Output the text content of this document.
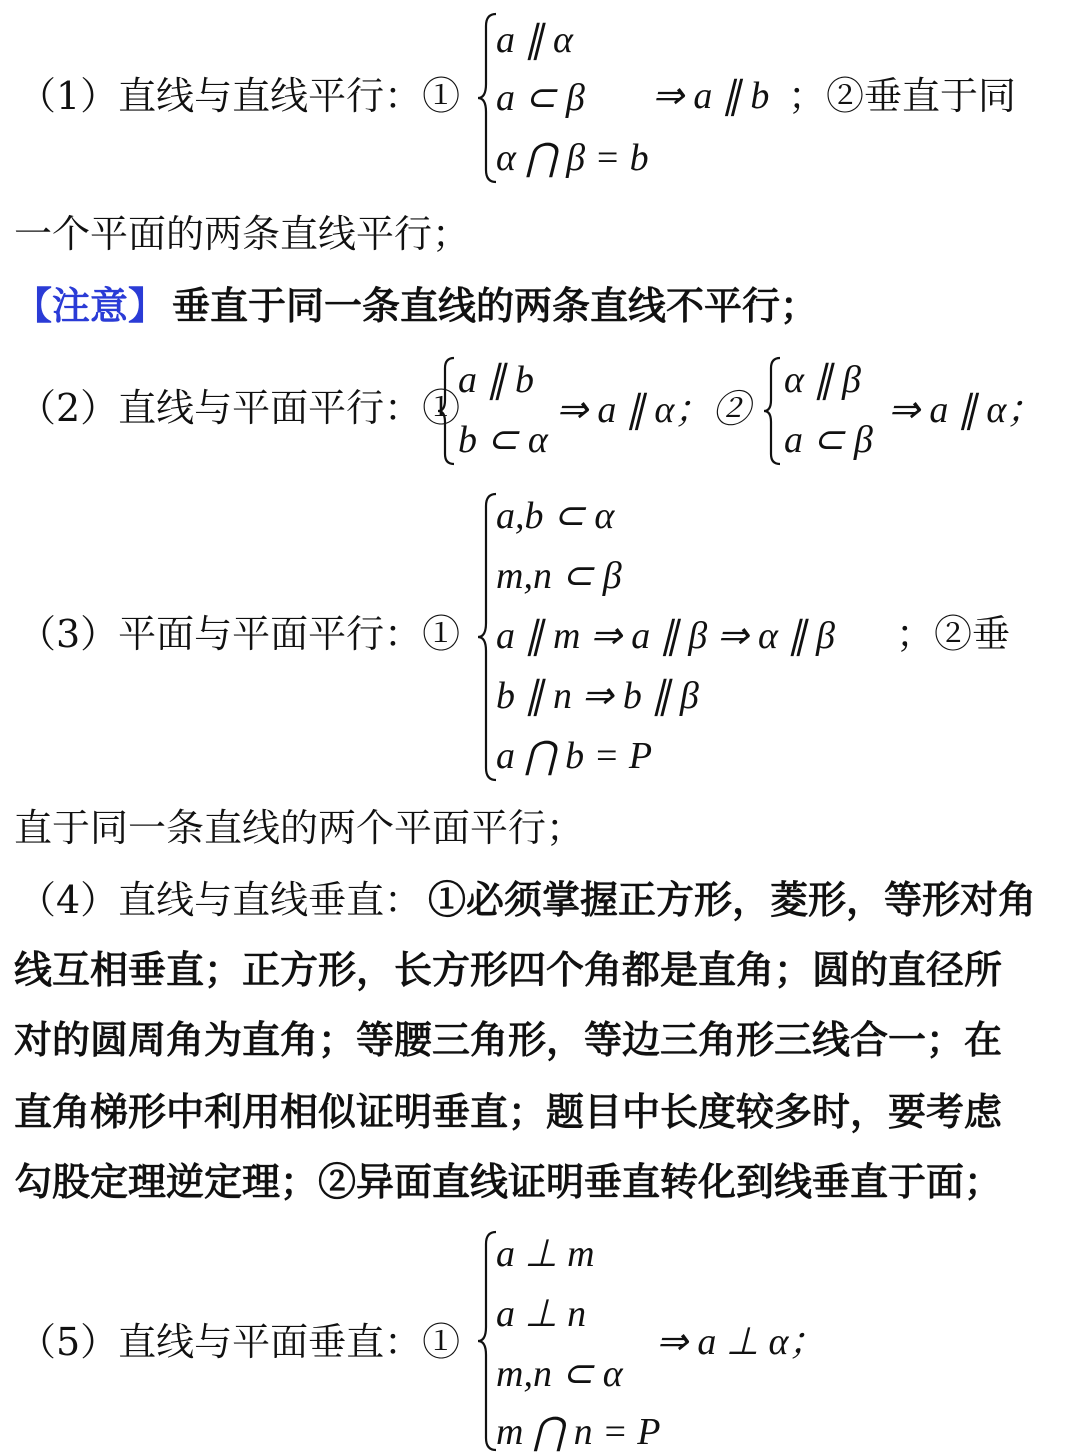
（1）直线与直线平行：①
a ∥ α
a ⊂ β
α ⋂ β = b
⇒ a ∥ b ；②垂直于同
一个平面的两条直线平行；
【注意】 垂直于同一条直线的两条直线不平行；
（2）直线与平面平行：①
a ∥ b
b ⊂ α
⇒ a ∥ α；②
α ∥ β
a ⊂ β
⇒ a ∥ α；
（3）平面与平面平行：①
a,b ⊂ α
m,n ⊂ β
a ∥ m ⇒ a ∥ β ⇒ α ∥ β
b ∥ n ⇒ b ∥ β
a ⋂ b = P
；②垂
直于同一条直线的两个平面平行；
（4）直线与直线垂直： ①必须掌握正方形，菱形，等形对角
线互相垂直；正方形，长方形四个角都是直角；圆的直径所
对的圆周角为直角；等腰三角形，等边三角形三线合一；在
直角梯形中利用相似证明垂直；题目中长度较多时，要考虑
勾股定理逆定理；②异面直线证明垂直转化到线垂直于面；
（5）直线与平面垂直：①
a ⊥ m
a ⊥ n
m,n ⊂ α
m ⋂ n = P
⇒ a ⊥ α；
